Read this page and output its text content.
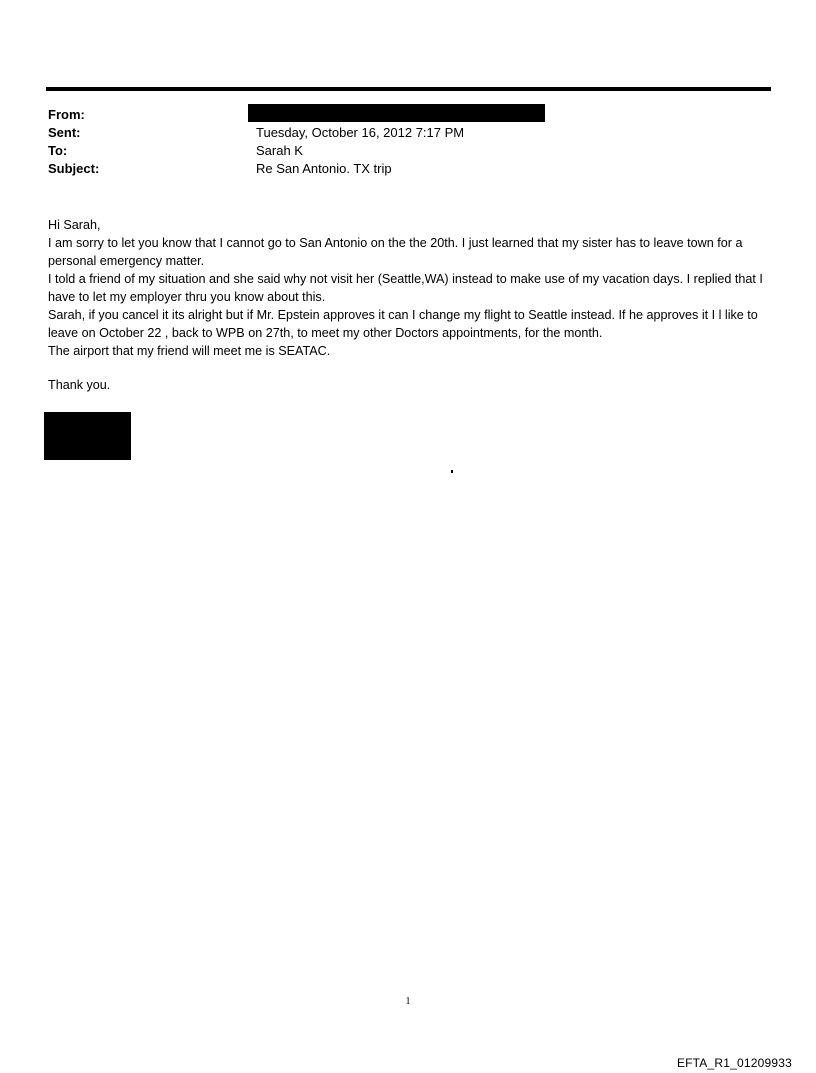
From:
Sent:	Tuesday, October 16, 2012 7:17 PM
To:	Sarah K
Subject:	Re San Antonio. TX trip

Hi Sarah,

I am sorry to let you know that I cannot go to San Antonio on the the 20th. I just learned that my sister has to leave town for a personal emergency matter.

I told a friend of my situation and she said why not visit her (Seattle,WA) instead to make use of my vacation days. I replied that I have to let my employer thru you know about this.

Sarah, if you cancel it its alright but if Mr. Epstein approves it can I change my flight to Seattle instead. If he approves it I l like to leave on October 22 , back to WPB on 27th, to meet my other Doctors appointments, for the month.

The airport that my friend will meet me is SEATAC.

Thank you.

1
EFTA_R1_01209933
